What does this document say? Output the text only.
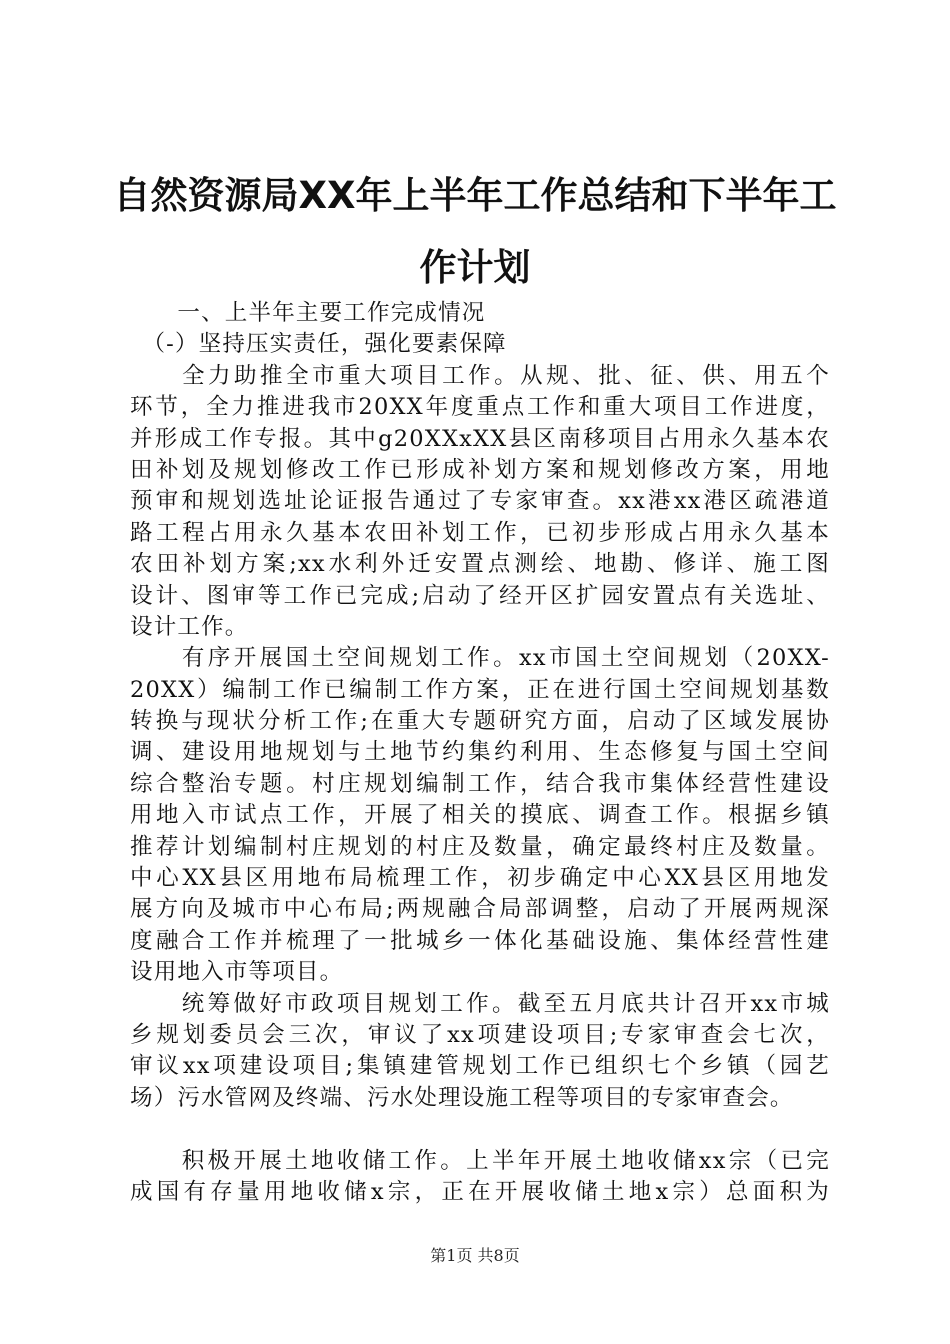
自然资源局XX年上半年工作总结和下半年工
作计划
　　一、上半年主要工作完成情况
　（-）坚持压实责任，强化要素保障
　　全力助推全市重大项目工作。从规、批、征、供、用五个
环节，全力推进我市20XX年度重点工作和重大项目工作进度，
并形成工作专报。其中g20XXxXX县区南移项目占用永久基本农
田补划及规划修改工作已形成补划方案和规划修改方案，用地
预审和规划选址论证报告通过了专家审查。xx港xx港区疏港道
路工程占用永久基本农田补划工作，已初步形成占用永久基本
农田补划方案;xx水利外迁安置点测绘、地勘、修详、施工图
设计、图审等工作已完成;启动了经开区扩园安置点有关选址、
设计工作。
　　有序开展国土空间规划工作。xx市国土空间规划（20XX-
20XX）编制工作已编制工作方案，正在进行国土空间规划基数
转换与现状分析工作;在重大专题研究方面，启动了区域发展协
调、建设用地规划与土地节约集约利用、生态修复与国土空间
综合整治专题。村庄规划编制工作，结合我市集体经营性建设
用地入市试点工作，开展了相关的摸底、调查工作。根据乡镇
推荐计划编制村庄规划的村庄及数量，确定最终村庄及数量。
中心XX县区用地布局梳理工作，初步确定中心XX县区用地发
展方向及城市中心布局;两规融合局部调整，启动了开展两规深
度融合工作并梳理了一批城乡一体化基础设施、集体经营性建
设用地入市等项目。
　　统筹做好市政项目规划工作。截至五月底共计召开xx市城
乡规划委员会三次，审议了xx项建设项目;专家审查会七次，
审议xx项建设项目;集镇建管规划工作已组织七个乡镇（园艺
场）污水管网及终端、污水处理设施工程等项目的专家审查会。
　　积极开展土地收储工作。上半年开展土地收储xx宗（已完
成国有存量用地收储x宗，正在开展收储土地x宗）总面积为
第1页 共8页
